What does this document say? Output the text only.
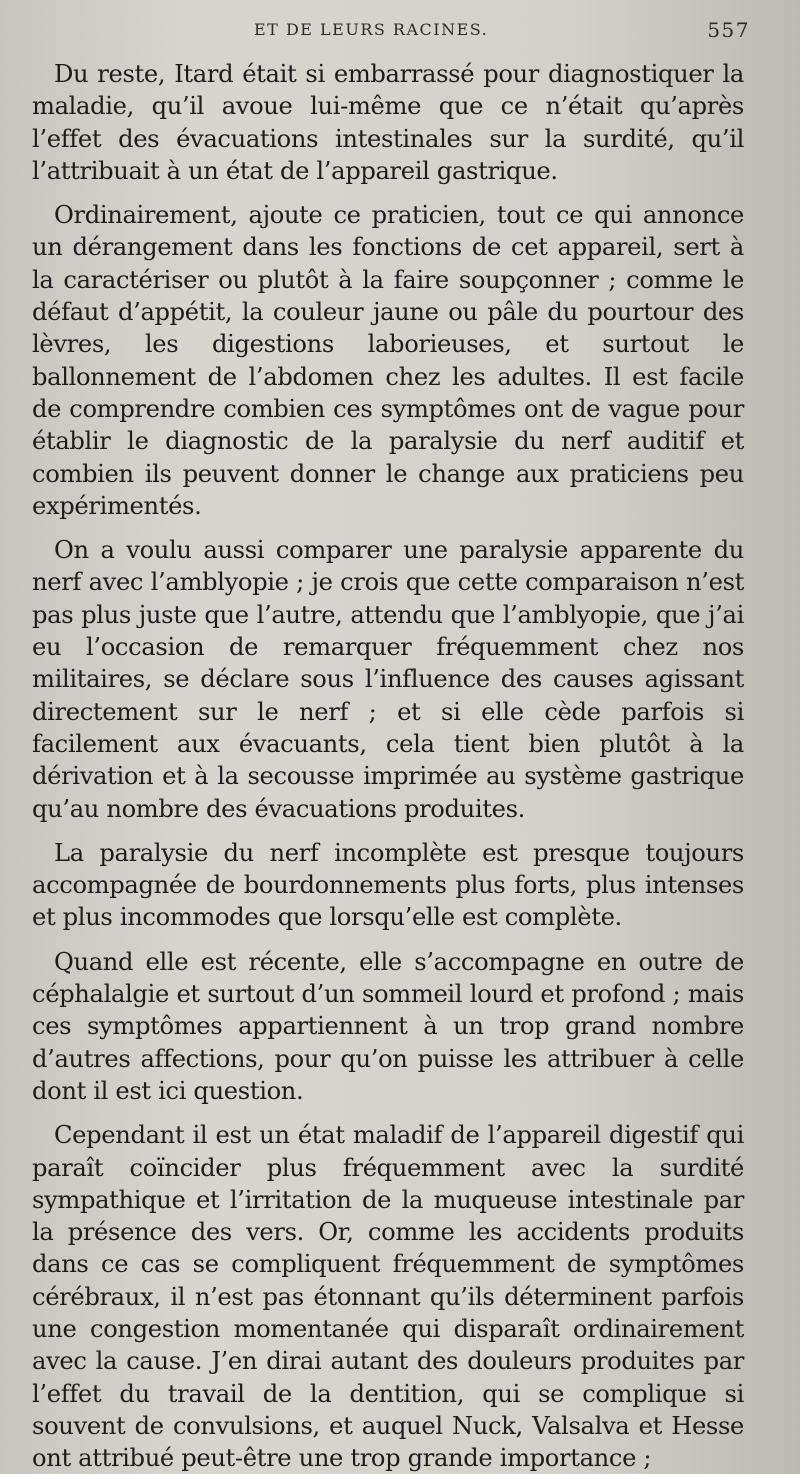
ET DE LEURS RACINES.	557

Du reste, Itard était si embarrassé pour diagnostiquer la maladie, qu’il avoue lui-même que ce n’était qu’après l’effet des évacuations intestinales sur la surdité, qu’il l’attribuait à un état de l’appareil gastrique.

Ordinairement, ajoute ce praticien, tout ce qui annonce un dérangement dans les fonctions de cet appareil, sert à la caractériser ou plutôt à la faire soupçonner ; comme le défaut d’appétit, la couleur jaune ou pâle du pourtour des lèvres, les digestions laborieuses, et surtout le ballonnement de l’abdomen chez les adultes. Il est facile de comprendre combien ces symptômes ont de vague pour établir le diagnostic de la paralysie du nerf auditif et combien ils peuvent donner le change aux praticiens peu expérimentés.

On a voulu aussi comparer une paralysie apparente du nerf avec l’amblyopie ; je crois que cette comparaison n’est pas plus juste que l’autre, attendu que l’amblyopie, que j’ai eu l’occasion de remarquer fréquemment chez nos militaires, se déclare sous l’influence des causes agissant directement sur le nerf ; et si elle cède parfois si facilement aux évacuants, cela tient bien plutôt à la dérivation et à la secousse imprimée au système gastrique qu’au nombre des évacuations produites.

La paralysie du nerf incomplète est presque toujours accompagnée de bourdonnements plus forts, plus intenses et plus incommodes que lorsqu’elle est complète.

Quand elle est récente, elle s’accompagne en outre de céphalalgie et surtout d’un sommeil lourd et profond ; mais ces symptômes appartiennent à un trop grand nombre d’autres affections, pour qu’on puisse les attribuer à celle dont il est ici question.

Cependant il est un état maladif de l’appareil digestif qui paraît coïncider plus fréquemment avec la surdité sympathique et l’irritation de la muqueuse intestinale par la présence des vers. Or, comme les accidents produits dans ce cas se compliquent fréquemment de symptômes cérébraux, il n’est pas étonnant qu’ils déterminent parfois une congestion momentanée qui disparaît ordinairement avec la cause. J’en dirai autant des douleurs produites par l’effet du travail de la dentition, qui se complique si souvent de convulsions, et auquel Nuck, Valsalva et Hesse ont attribué peut-être une trop grande importance ;
